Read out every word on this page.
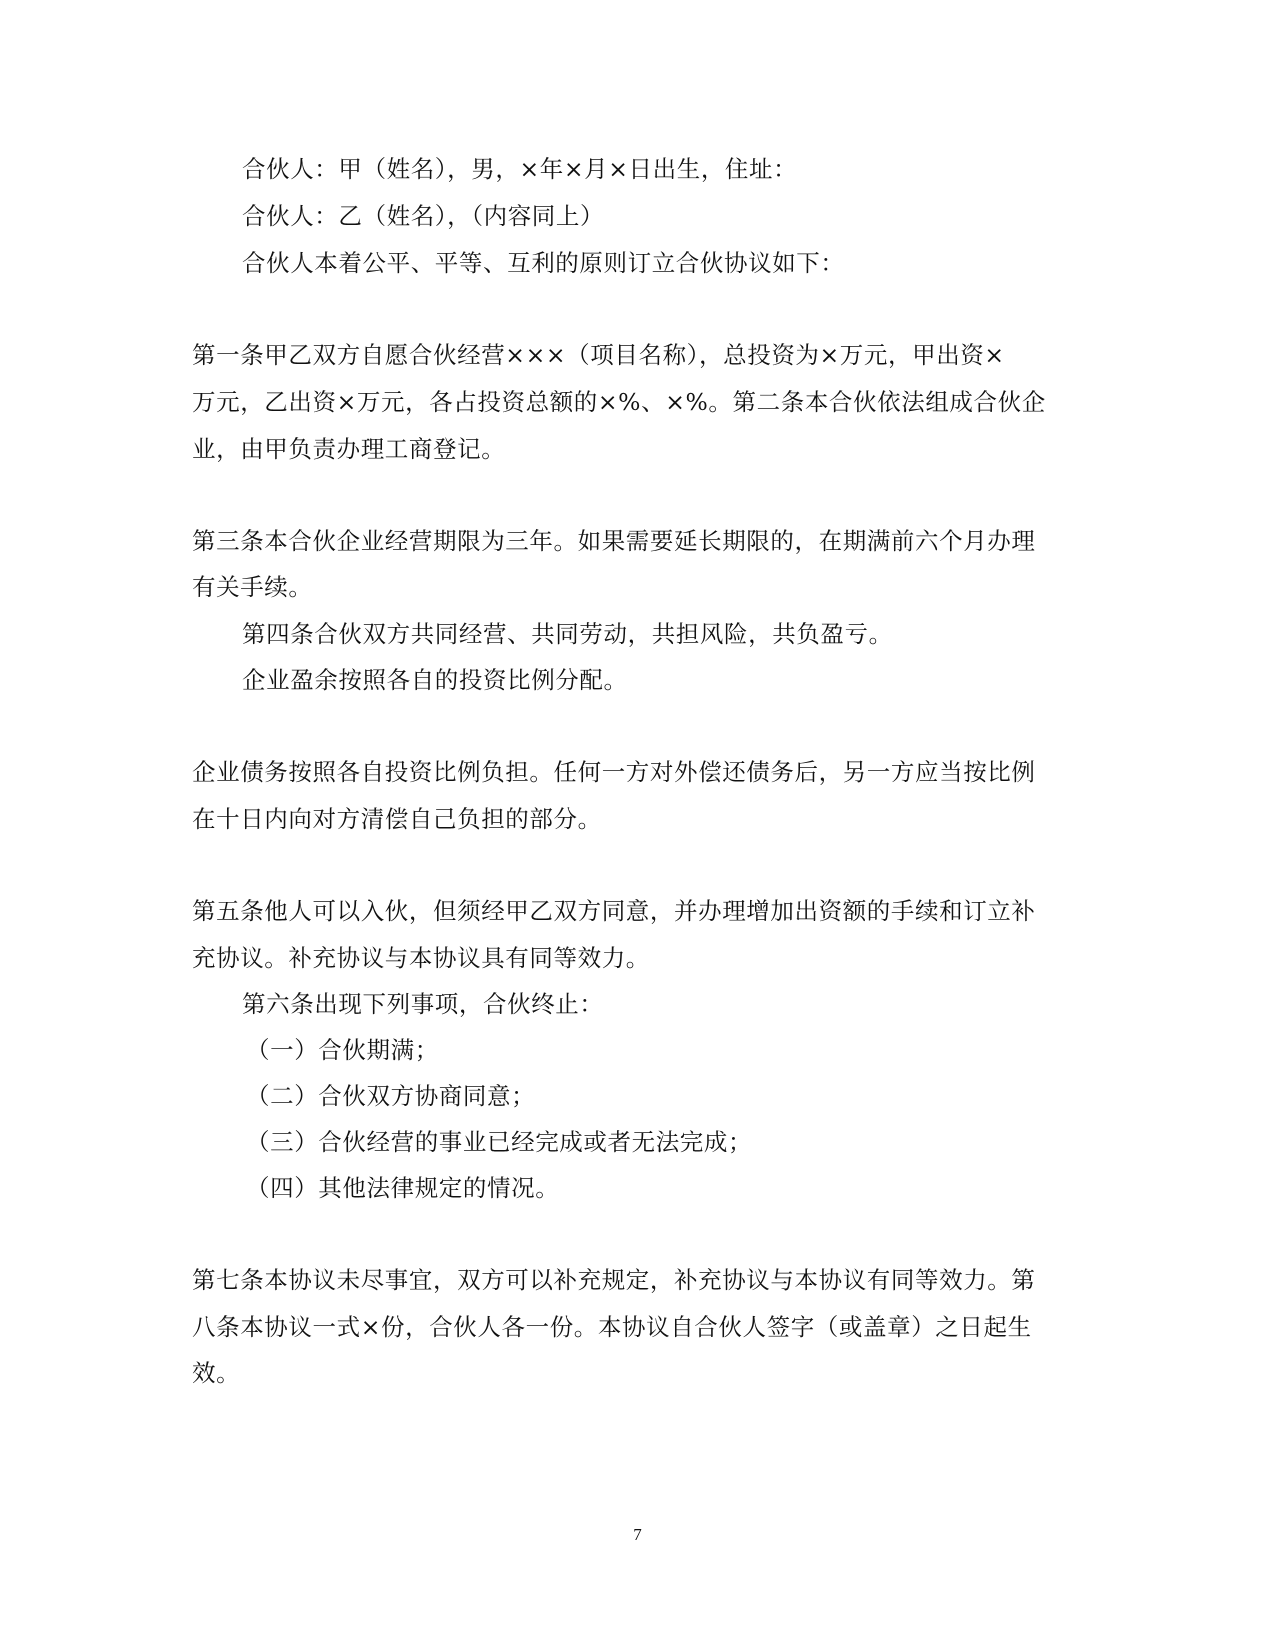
合伙人：甲（姓名），男，×年×月×日出生，住址：
合伙人：乙（姓名），（内容同上）
合伙人本着公平、平等、互利的原则订立合伙协议如下：
第一条甲乙双方自愿合伙经营×××（项目名称），总投资为×万元，甲出资×
万元，乙出资×万元，各占投资总额的×%、×%。第二条本合伙依法组成合伙企
业，由甲负责办理工商登记。
第三条本合伙企业经营期限为三年。如果需要延长期限的，在期满前六个月办理
有关手续。
第四条合伙双方共同经营、共同劳动，共担风险，共负盈亏。
企业盈余按照各自的投资比例分配。
企业债务按照各自投资比例负担。任何一方对外偿还债务后，另一方应当按比例
在十日内向对方清偿自己负担的部分。
第五条他人可以入伙，但须经甲乙双方同意，并办理增加出资额的手续和订立补
充协议。补充协议与本协议具有同等效力。
第六条出现下列事项，合伙终止：
（一）合伙期满；
（二）合伙双方协商同意；
（三）合伙经营的事业已经完成或者无法完成；
（四）其他法律规定的情况。
第七条本协议未尽事宜，双方可以补充规定，补充协议与本协议有同等效力。第
八条本协议一式×份，合伙人各一份。本协议自合伙人签字（或盖章）之日起生
效。
7
